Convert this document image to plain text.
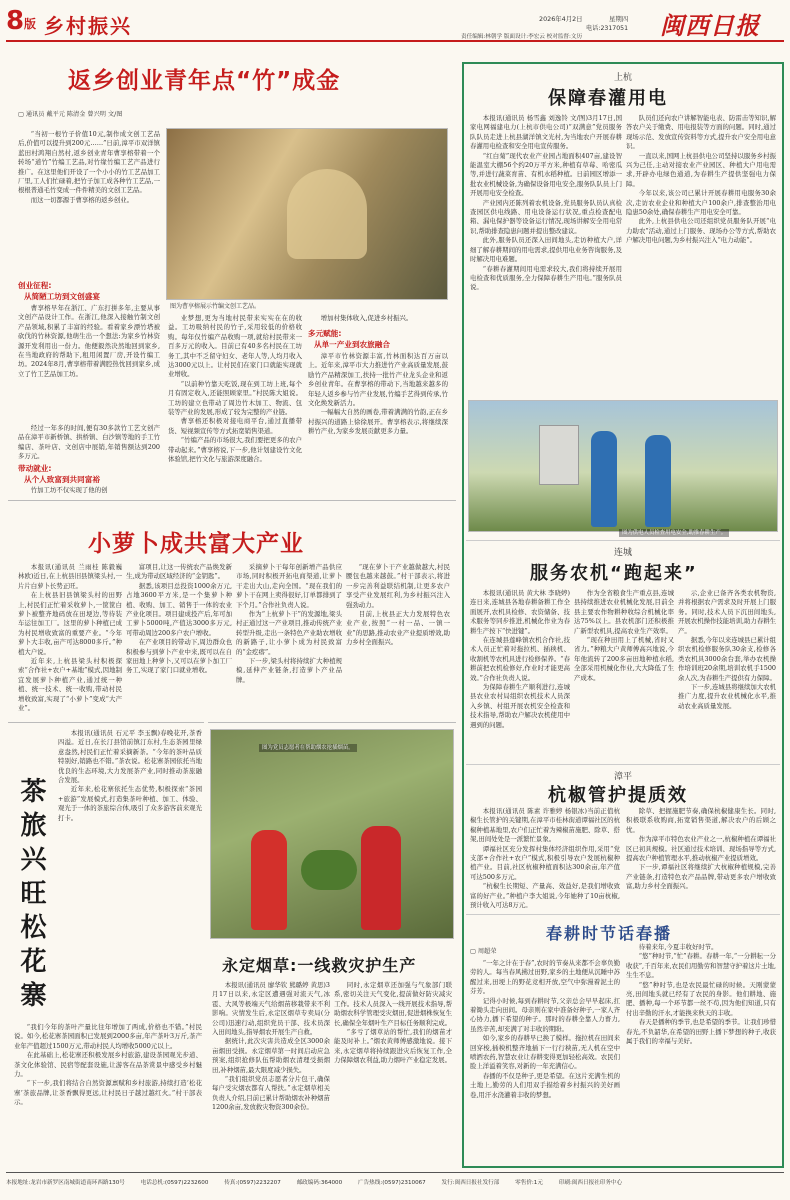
8 版 乡村振兴	2026年4月2日	星期四
电话:2317051
责任编辑:林朝学 版面设计:李宏云 校对监督:文历	闽西日报
返乡创业青年点“竹”成金
▢ 通讯员 戴平元 陈清金 曾兴明 文/图

“当初一根竹子价值10元,制作成文创工艺品后,价值可以提升到200元……”日前,漳平市双洋镇蓝田村鸿翔自然村,返乡创业青年曹享榕带着一个转场“道竹”竹编工艺品,对竹缘竹编工艺产品进行推广。在这里他们开设了一个小小的竹工艺品加工厂里,工人们忙碌着,把竹子加工成各种竹工艺品,一根根普通毛竹变成一件件精美的文创工艺品。

而这一切都源于曹享榕的返乡创业。

图为曹享榕展示竹编文创工艺品。
创业征程:
从简陋工坊到文创盛宴

曹享榕早年在浙江、广东打拼多年,主要从事文创产品设计工作。在浙江,他深入接触竹制文创产品领域,积累了丰富的经验。看着家乡漂竹塔被砍伐的竹林资源,他萌生出一个想法:为家乡竹林资源开发利用出一份力。他便毅然决然地回到家乡,在当地政府的帮助下,租用闲置厂房,开设竹编工坊。2024年8月,曹享榕带着满腔热忱回到家乡,成立了竹工艺品加工坊。

经过一年多的时间,便有30多款竹工艺文创产品在漳平市新桥镇、拱桥镇、白沙镇等地的手工竹编店、茶叶店、文创店中展销,年销售额达到200多万元。

带动就业:
从个人致富到共同富裕

竹加工坊不仅实现了他的创

业梦想,更为当地村民带来实实在在的收益。工坊吸纳村民的竹子,采用较低的价格收购。每年仅竹编产品收购一项,就给村民带来一百多万元的收入。目前已有40多名村民在工坊务工,其中不乏留守妇女、老年人等,人均月收入达3000元以上。让村民们在家门口就能实现就业增收。

“以前种竹靠天吃饭,现在到工坊上班,每个月有固定收入,还能照顾家里。”村民陈大姐说。工坊的建立也带动了周边竹木加工、物流、包装等产业的发展,形成了较为完整的产业链。

曹享榕还积极对接电商平台,通过直播带货、短视频宣传等方式拓宽销售渠道。

“竹编产品的市场很大,我们要把更多的农户带动起来。”曹享榕说,下一步,他计划建设竹文化体验馆,把竹文化与旅游深度融合。

增加村集体收入,促进乡村振兴。

多元赋能:
从单一产业到农旅融合

漳平市竹林资源丰富,竹林面积达百万亩以上。近年来,漳平市大力推进竹产业高质量发展,鼓励竹产品精深加工,扶持一批竹产业龙头企业和返乡创业青年。在曹享榕的带动下,当地越来越多的年轻人返乡参与竹产业发展,竹编手艺得到传承,竹文化焕发新活力。

一幅幅大自然的画卷,带着满满的竹韵,正在乡村振兴的道路上徐徐展开。曹享榕表示,将继续深耕竹产业,为家乡发展贡献更多力量。

小萝卜成共富大产业

本报讯(通讯员 兰雨桂 陈毅巍 林欧)近日,在上杭县旧县镇梁头村,一片片白萝卜长势正旺。

在上杭县旧县镇梁头村的田野上,村民们正忙着采收萝卜,一筐筐白萝卜被整齐地码放在田埂边,等待装车运往加工厂。这里的萝卜种植已成为村民增收致富的重要产业。“今年萝卜大丰收,亩产可达8000多斤。”种植大户说。

近年来,上杭县梁头村积极探索“合作社+农户+基地”模式,因地制宜发展萝卜种植产业,通过统一种植、统一技术、统一收购,带动村民增收致富,实现了“小萝卜”变成“大产业”。

富项目,让这一传统农产品焕发新生,成为带动区域经济的“金钥匙”。

据悉,该项目总投资1000余万元,占地3600平方米,是一个集萝卜种植、收购、加工、销售于一体的农业产业化项目。项目建成投产后,年可加工萝卜5000吨,产值达3000多万元,可带动周边200多户农户增收。

在产业项目的带动下,周边群众也积极参与到萝卜产业中来,既可以在自家田地上种萝卜,又可以在萝卜加工厂务工,实现了家门口就业增收。

采摘萝卜干每年创新增产品供应市场,同时积极开拓电商渠道,让萝卜干走出大山,走向全国。“现在我们的萝卜干在网上卖得很好,订单都排到了下个月。”合作社负责人说。

作为“上杭萝卜干”的发源地,梁头村正通过这一产业项目,推动传统产业转型升级,走出一条特色产业助农增收的新路子,让小萝卜成为村民致富的“金疙瘩”。

下一步,梁头村将持续扩大种植规模,延伸产业链条,打造萝卜产业品牌。

“现在萝卜干产业越做越大,村民腰包也越来越鼓。”村干部表示,将进一步完善利益联结机制,让更多农户享受产业发展红利,为乡村振兴注入强劲动力。

目前,上杭县正大力发展特色农业产业,按照“一村一品、一镇一业”的思路,推动农业产业提质增效,助力乡村全面振兴。

茶
旅
兴
旺
松
花
寨

本报讯(通讯员 石元平 李玉飘)春晚花开,茶香四溢。近日,在长汀县馆前镇汀东村,生态茶园里绿意盎然,村民们正忙着采摘新茶。“今年的茶叶品质特别好,销路也不错。”茶农说。松花寨茶园依托当地优良的生态环境,大力发展茶产业,同时推动茶旅融合发展。

近年来,松花寨依托生态优势,积极探索“茶园+旅游”发展模式,打造集茶叶种植、加工、体验、观光于一体的茶旅综合体,吸引了众多游客前来观光打卡。

“我们今年的茶叶产量比往年增加了两成,价格也不错。”村民说。如今,松花寨茶园面积已发展到2000多亩,年产茶叶3万斤,茶产业年产值超过1500万元,带动村民人均增收5000元以上。

在此基础上,松花寨还积极发展乡村旅游,建设茶园观光步道、茶文化体验馆、民宿等配套设施,让游客在品茶赏景中感受乡村魅力。

“下一步,我们将结合自然资源禀赋和乡村旅游,持续打造‘松花寨’茶旅品牌,让茶香飘得更远,让村民日子越过越红火。”村干部表示。

图为党员志愿者在帮助烟农抢插烟苗。
永定烟草:一线救灾护生产

本报讯(通讯员 廖华钦 熊璐婷 黄思)3月17日以来,永定区遭遇强对流天气,冰雹、大风等极端天气给烟苗移栽带来不利影响。灾情发生后,永定区烟草专卖局(分公司)迅速行动,组织党员干部、技术员深入田间地头,指导烟农开展生产自救。

据统计,此次灾害共造成全区3000余亩烟田受损。永定烟草第一时间启动应急预案,组织抢修队伍帮助烟农清理受损烟田,补种烟苗,最大限度减少损失。

“我们组织党员志愿者分片包干,确保每户受灾烟农都有人帮扶。”永定烟草相关负责人介绍,目前已累计帮助烟农补种烟苗1200余亩,发放救灾物资300余份。

同时,永定烟草还加强与气象部门联系,密切关注天气变化,提前做好防灾减灾工作。技术人员深入一线开展技术指导,帮助烟农科学管理受灾烟田,促进烟株恢复生长,确保全年烟叶生产目标任务顺利完成。

“多亏了烟草站的帮忙,我们的烟苗才能及时补上。”烟农黄师傅感激地说。接下来,永定烟草将持续跟进灾后恢复工作,全力保障烟农利益,助力烟叶产业稳定发展。

上杭
保障春灌用电

本报讯(通讯员 杨雪鑫 刘逸铃 文/图)3月17日,国家电网福建电力(上杭市供电公司)“双满意”党员服务队队员走进上杭县湖洋镇文光村,为当地农户开展春耕春灌用电检查和安全用电宣传服务。

“红白菊”现代农业产业园占地面积407亩,建设智能温室大棚56个约20万平方米,种植有草莓、哈密瓜等,并进行蔬菜育苗、有机水稻种植。日前园区增添一批农业机械设备,为确保设备用电安全,服务队队员上门开展用电安全检查。

产业园内还陈列着农机设备,党员服务队员认真检查园区供电线路、用电设备运行状况,重点检查配电箱、漏电保护器等设备运行情况,现场讲解安全用电常识,帮助排查隐患问题并提出整改建议。

此外,服务队员还深入田间地头,走访种植大户,详细了解春耕期间的用电需求,提供用电业务咨询服务,及时解决用电难题。

“春耕春灌期间用电需求较大,我们将持续开展用电检查和优质服务,全力保障春耕生产用电。”服务队员说。

队员们还向农户讲解智能电表、防雷击等知识,解答农户关于缴费、用电报装等方面的问题。同时,通过现场示范、发放宣传资料等方式,提升农户安全用电意识。

一直以来,国网上杭县供电公司坚持以服务乡村振兴为己任,主动对接农业产业园区、种植大户用电需求,开辟办电绿色通道,为春耕生产提供坚强电力保障。

今年以来,该公司已累计开展春耕用电服务30余次,走访农业企业和种植大户100余户,排查整治用电隐患50余处,确保春耕生产用电安全可靠。

此外,上杭县供电公司还组织党员服务队开展“电力助农”活动,通过上门服务、现场办公等方式,帮助农户解决用电问题,为乡村振兴注入“电力动能”。

图为供电人员检查用电安全,助推春耕生产。
连城
服务农机“跑起来”

本报讯(通讯员 黄大林 李晓婷)连日来,连城县各地春耕备耕工作全面展开,农机具检修、农资储备、技术服务等同步推进,机械化作业为春耕生产按下“快进键”。

在连城县莲峰镇农机合作社,技术人员正忙着对拖拉机、插秧机、收割机等农机具进行检修保养。“春耕前把农机检修好,作业时才能更高效。”合作社负责人说。

为保障春耕生产顺利进行,连城县农业农村局组织农机技术人员深入乡镇、村组开展农机安全检查和技术指导,帮助农户解决农机使用中遇到的问题。

作为全省粮食生产重点县,连城县持续推进农业机械化发展,目前全县主要农作物耕种收综合机械化率达75%以上。县农机部门还积极推广新型农机具,提高农业生产效率。

“现在种田用上了机械,省时又省力。”种粮大户黄师傅高兴地说,今年他流转了200多亩田地种植水稻,全部采用机械化作业,大大降低了生产成本。

示,企业已备齐各类农机物资,并将根据农户需求及时开展上门服务。同时,技术人员下沉田间地头,开展农机操作技能培训,助力春耕生产。

据悉,今年以来连城县已累计组织农机检修服务队30余支,检修各类农机具3000余台套,举办农机操作培训班20余期,培训农机手1500余人次,为春耕生产提供有力保障。

下一步,连城县将继续加大农机推广力度,提升农业机械化水平,推动农业高质量发展。

漳平
杭椒管护提质效

本报讯(通讯员 陈素 许雅婷 杨银冰)当前正值杭椒生长管护的关键期,在漳平市桂林街道谭福社区的杭椒种植基地里,农户们正忙着为辣椒苗施肥、除草、搭架,田间处处是一派繁忙景象。

谭福社区充分发挥村集体经济组织作用,采用“党支部+合作社+农户”模式,积极引导农户发展杭椒种植产业。目前,社区杭椒种植面积达300余亩,年产值可达500多万元。

“杭椒生长期短、产量高、效益好,是我们增收致富的好产业。”种植户李大姐说,今年她种了10亩杭椒,预计收入可达8万元。

除草、把握施肥节奏,确保杭椒健康生长。同时,积极联系收购商,拓宽销售渠道,解决农户的后顾之忧。

作为漳平市特色农业产业之一,杭椒种植在谭福社区已初具规模。社区通过技术培训、现场指导等方式,提高农户种植管理水平,推动杭椒产业提质增效。

下一步,谭福社区将继续扩大杭椒种植规模,完善产业链条,打造特色农产品品牌,带动更多农户增收致富,助力乡村全面振兴。

春耕时节话春播
▢ 周超荣

“一年之计在于春”,农时的节奏从来都不会辜负勤劳的人。每当春风拂过田野,家乡的土地便从沉睡中苏醒过来,田埂上的野花竞相开放,空气中弥漫着泥土的芬芳。

记得小时候,每到春耕时节,父亲总会早早起床,扛着锄头走向田间。母亲则在家中准备好种子,一家人齐心协力,播下希望的种子。那时的春耕全靠人力畜力,虽然辛苦,却充满了对丰收的期盼。

如今,家乡的春耕早已换了模样。拖拉机在田间来回穿梭,插秧机整齐地插下一行行秧苗,无人机在空中喷洒农药,智慧农业让春耕变得更加轻松高效。农民们脸上洋溢着笑容,对新的一年充满信心。

春播的不仅是种子,更是希望。在这片充满生机的土地上,勤劳的人们用双手描绘着乡村振兴的美好画卷,用汗水浇灌着丰收的梦想。

待着来年,今夏丰收好时节。

“悠”种时节,“忙”春耕。春耕一年,“一分耕耘一分收获”,千百年来,农民们用勤劳和智慧守护着这片土地,生生不息。

“悠”种时节,也是农民最忙碌的时候。天刚蒙蒙亮,田间地头就已经有了农民的身影。他们耕地、施肥、播种,每一个环节都一丝不苟,因为他们知道,只有付出辛勤的汗水,才能换来秋天的丰收。

春天是播种的季节,也是希望的季节。让我们珍惜春光,不负韶华,在希望的田野上播下梦想的种子,收获属于我们的幸福与美好。

本报地址:龙岩市新罗区南城街道南环西路130号	电话总机:(0597)2232600	传真:(0597)2232207	邮政编码:364000	广告热线:(0597)2310067	发行:闽西日报社发行部	零售价:1元	印刷:闽西日报社印务中心
